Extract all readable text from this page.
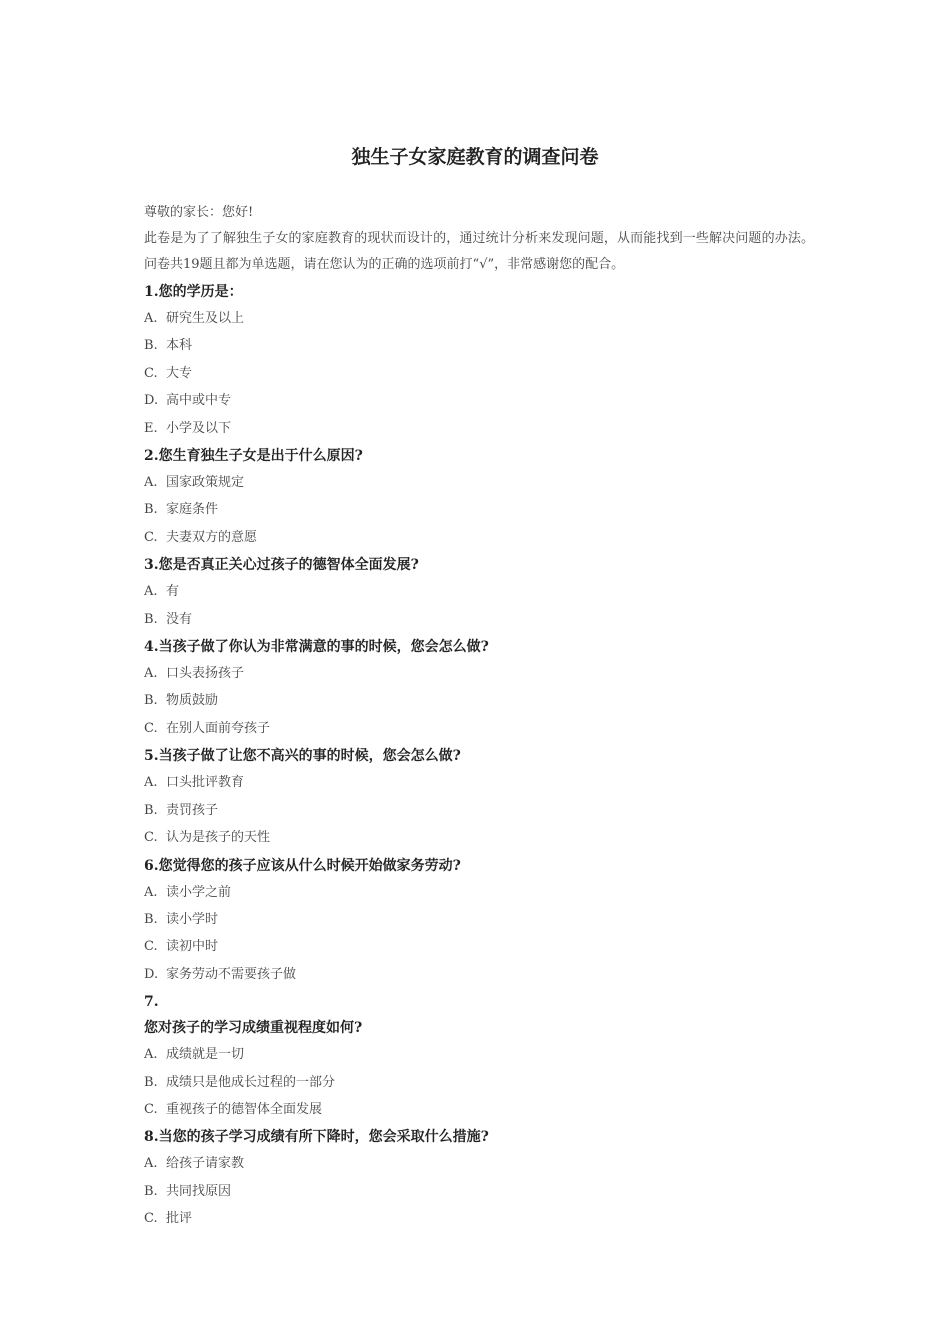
独生子女家庭教育的调查问卷
尊敬的家长：您好!
此卷是为了了解独生子女的家庭教育的现状而设计的，通过统计分析来发现问题，从而能找到一些解决问题的办法。问卷共19题且都为单选题，请在您认为的正确的选项前打“√”，非常感谢您的配合。
1.您的学历是：
A. 研究生及以上
B. 本科
C. 大专
D. 高中或中专
E. 小学及以下
2.您生育独生子女是出于什么原因?
A. 国家政策规定
B. 家庭条件
C. 夫妻双方的意愿
3.您是否真正关心过孩子的德智体全面发展?
A. 有
B. 没有
4.当孩子做了你认为非常满意的事的时候，您会怎么做?
A. 口头表扬孩子
B. 物质鼓励
C. 在别人面前夸孩子
5.当孩子做了让您不高兴的事的时候，您会怎么做?
A. 口头批评教育
B. 责罚孩子
C. 认为是孩子的天性
6.您觉得您的孩子应该从什么时候开始做家务劳动?
A. 读小学之前
B. 读小学时
C. 读初中时
D. 家务劳动不需要孩子做
7.
您对孩子的学习成绩重视程度如何?
A. 成绩就是一切
B. 成绩只是他成长过程的一部分
C. 重视孩子的德智体全面发展
8.当您的孩子学习成绩有所下降时，您会采取什么措施?
A. 给孩子请家教
B. 共同找原因
C. 批评
